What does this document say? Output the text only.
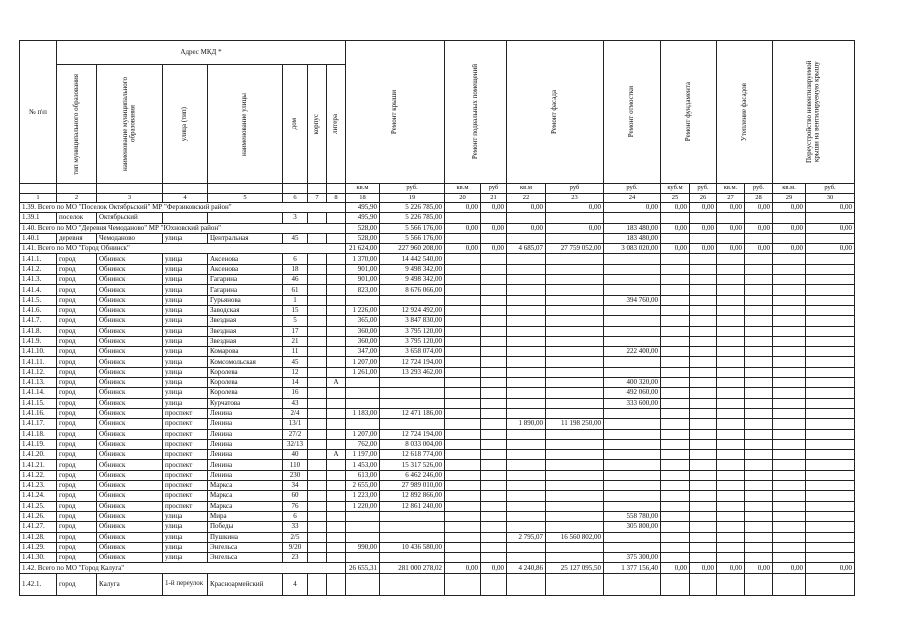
№ п\п	Адрес МКД *							Ремонт крыши		Ремонт подвальных помещений		Ремонт фасада		Ремонт отмостки	Ремонт фундамента		Утепление фасадов		Переустройство невентилируемой крыши на вентилируемую крышу	

	тип муниципального образования	наименование муниципального образования	улица (тип)	наименование улицы	дом	корпус	литера													

								кв.м	руб.	кв.м	руб	кв.м	руб	руб.	куб.м	руб.	кв.м.	руб.	кв.м.	руб.
1	2	3	4	5	6	7	8	18	19	20	21	22	23	24	25	26	27	28	29	30
1.39. Всего по МО "Поселок Октябрьский" МР "Ферзиковский район"								495,90	5 226 785,00	0,00	0,00	0,00	0,00	0,00	0,00	0,00	0,00	0,00	0,00	0,00
1.39.1	поселок	Октябрьский			3			495,90	5 226 785,00											
1.40. Всего по МО "Деревня Чемоданово" МР "Юхновский район"								528,00	5 566 176,00	0,00	0,00	0,00	0,00	183 480,00	0,00	0,00	0,00	0,00	0,00	0,00
1.40.1	деревня	Чемоданово	улица	Центральная	45			528,00	5 566 176,00					183 480,00						
1.41. Всего по МО "Город Обнинск"								21 624,00	227 960 208,00	0,00	0,00	4 685,07	27 759 052,00	3 083 020,00	0,00	0,00	0,00	0,00	0,00	0,00
1.41.1.	город	Обнинск	улица	Аксенова	6			1 370,00	14 442 540,00											
1.41.2.	город	Обнинск	улица	Аксенова	18			901,00	9 498 342,00											
1.41.3.	город	Обнинск	улица	Гагарина	46			901,00	9 498 342,00											
1.41.4.	город	Обнинск	улица	Гагарина	61			823,00	8 676 066,00											
1.41.5.	город	Обнинск	улица	Гурьянова	1									394 760,00						
1.41.6.	город	Обнинск	улица	Заводская	15			1 226,00	12 924 492,00											
1.41.7.	город	Обнинск	улица	Звездная	5			365,00	3 847 830,00											
1.41.8.	город	Обнинск	улица	Звездная	17			360,00	3 795 120,00											
1.41.9.	город	Обнинск	улица	Звездная	21			360,00	3 795 120,00											
1.41.10.	город	Обнинск	улица	Комарова	11			347,00	3 658 074,00					222 400,00						
1.41.11.	город	Обнинск	улица	Комсомольская	45			1 207,00	12 724 194,00											
1.41.12.	город	Обнинск	улица	Королева	12			1 261,00	13 293 462,00											
1.41.13.	город	Обнинск	улица	Королева	14		А							400 320,00						
1.41.14.	город	Обнинск	улица	Королева	16									492 060,00						
1.41.15.	город	Обнинск	улица	Курчатова	43									333 600,00						
1.41.16.	город	Обнинск	проспект	Ленина	2/4			1 183,00	12 471 186,00											
1.41.17.	город	Обнинск	проспект	Ленина	13/1							1 890,00	11 198 250,00							
1.41.18.	город	Обнинск	проспект	Ленина	27/2			1 207,00	12 724 194,00											
1.41.19.	город	Обнинск	проспект	Ленина	32/13			762,00	8 033 004,00											
1.41.20.	город	Обнинск	проспект	Ленина	40		А	1 197,00	12 618 774,00											
1.41.21.	город	Обнинск	проспект	Ленина	110			1 453,00	15 317 526,00											
1.41.22.	город	Обнинск	проспект	Ленина	230			613,00	6 462 246,00											
1.41.23.	город	Обнинск	проспект	Маркса	34			2 655,00	27 989 010,00											
1.41.24.	город	Обнинск	проспект	Маркса	60			1 223,00	12 892 866,00											
1.41.25.	город	Обнинск	проспект	Маркса	76			1 220,00	12 861 240,00											
1.41.26.	город	Обнинск	улица	Мира	6									558 780,00						
1.41.27.	город	Обнинск	улица	Победы	33									305 800,00						
1.41.28.	город	Обнинск	улица	Пушкина	2/5							2 795,07	16 560 802,00							
1.41.29.	город	Обнинск	улица	Энгельса	9/20			990,00	10 436 580,00											
1.41.30.	город	Обнинск	улица	Энгельса	23									375 300,00						
1.42. Всего по МО "Город Калуга"								26 655,31	281 000 278,02	0,00	0,00	4 240,86	25 127 095,50	1 377 156,40	0,00	0,00	0,00	0,00	0,00	0,00
1.42.1.	город	Калуга	1-й переулок	Красноармейский	4															
